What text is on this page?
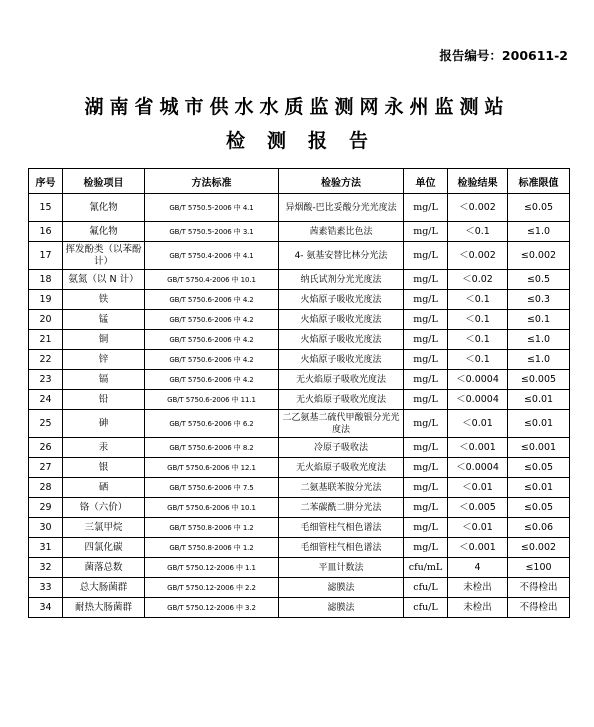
报告编号：200611-2
湖南省城市供水水质监测网永州监测站
检测报告
序号	检验项目	方法标准	检验方法	单位	检验结果	标准限值
15	氰化物	GB/T 5750.5-2006 中 4.1	异烟酸-巴比妥酸分光光度法	mg/L	＜0.002	≤0.05
16	氟化物	GB/T 5750.5-2006 中 3.1	茜素锆素比色法	mg/L	＜0.1	≤1.0
17	挥发酚类（以苯酚计）	GB/T 5750.4-2006 中 4.1	4- 氨基安替比林分光法	mg/L	＜0.002	≤0.002
18	氨氮（以 N 计）	GB/T 5750.4-2006 中 10.1	纳氏试剂分光光度法	mg/L	＜0.02	≤0.5
19	铁	GB/T 5750.6-2006 中 4.2	火焰原子吸收光度法	mg/L	＜0.1	≤0.3
20	锰	GB/T 5750.6-2006 中 4.2	火焰原子吸收光度法	mg/L	＜0.1	≤0.1
21	铜	GB/T 5750.6-2006 中 4.2	火焰原子吸收光度法	mg/L	＜0.1	≤1.0
22	锌	GB/T 5750.6-2006 中 4.2	火焰原子吸收光度法	mg/L	＜0.1	≤1.0
23	镉	GB/T 5750.6-2006 中 4.2	无火焰原子吸收光度法	mg/L	＜0.0004	≤0.005
24	铅	GB/T 5750.6-2006 中 11.1	无火焰原子吸收光度法	mg/L	＜0.0004	≤0.01
25	砷	GB/T 5750.6-2006 中 6.2	二乙氨基二硫代甲酸银分光光度法	mg/L	＜0.01	≤0.01
26	汞	GB/T 5750.6-2006 中 8.2	冷原子吸收法	mg/L	＜0.001	≤0.001
27	银	GB/T 5750.6-2006 中 12.1	无火焰原子吸收光度法	mg/L	＜0.0004	≤0.05
28	硒	GB/T 5750.6-2006 中 7.5	二氨基联苯胺分光法	mg/L	＜0.01	≤0.01
29	铬（六价）	GB/T 5750.6-2006 中 10.1	二苯碳酰二肼分光法	mg/L	＜0.005	≤0.05
30	三氯甲烷	GB/T 5750.8-2006 中 1.2	毛细管柱气相色谱法	mg/L	＜0.01	≤0.06
31	四氯化碳	GB/T 5750.8-2006 中 1.2	毛细管柱气相色谱法	mg/L	＜0.001	≤0.002
32	菌落总数	GB/T 5750.12-2006 中 1.1	平皿计数法	cfu/mL	4	≤100
33	总大肠菌群	GB/T 5750.12-2006 中 2.2	滤膜法	cfu/L	未检出	不得检出
34	耐热大肠菌群	GB/T 5750.12-2006 中 3.2	滤膜法	cfu/L	未检出	不得检出
